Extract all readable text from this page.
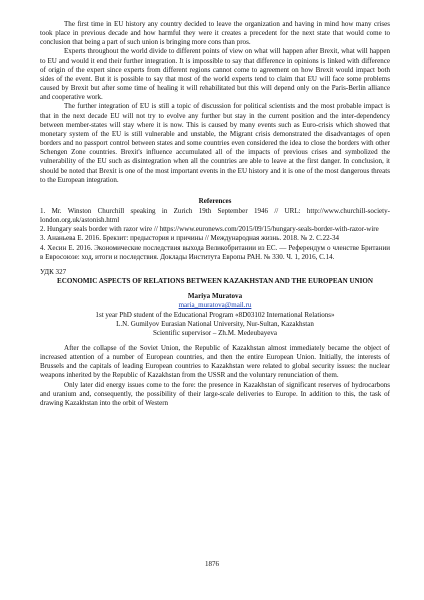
The first time in EU history any country decided to leave the organization and having in mind how many crises took place in previous decade and how harmful they were it creates a precedent for the next state that would come to conclusion that being a part of such union is bringing more cons than pros.

Experts throughout the world divide to different points of view on what will happen after Brexit, what will happen to EU and would it end their further integration. It is impossible to say that difference in opinions is linked with difference of origin of the expert since experts from different regions cannot come to agreement on how Brexit would impact both sides of the event. But it is possible to say that most of the world experts tend to claim that EU will face some problems caused by Brexit but after some time of healing it will rehabilitated but this will depend only on the Paris-Berlin alliance and cooperative work.

The further integration of EU is still a topic of discussion for political scientists and the most probable impact is that in the next decade EU will not try to evolve any further but stay in the current position and the inter-dependency between member-states will stay where it is now. This is caused by many events such as Euro-crisis which showed that monetary system of the EU is still vulnerable and unstable, the Migrant crisis demonstrated the disadvantages of open borders and no passport control between states and some countries even considered the idea to close the borders with other Schengen Zone countries. Brexit's influence accumulated all of the impacts of previous crises and symbolized the vulnerability of the EU such as disintegration when all the countries are able to leave at the first danger. In conclusion, it should be noted that Brexit is one of the most important events in the EU history and it is one of the most dangerous threats to the European integration.

References

1. Mr. Winston Churchill speaking in Zurich 19th September 1946 // URL: http://www.churchill-society-london.org.uk/astonish.html

2. Hungary seals border with razor wire // https://www.euronews.com/2015/09/15/hungary-seals-border-with-razor-wire

3. Ананьева Е. 2016. Брекзит: предыстория и причины // Международная жизнь. 2018. № 2. С.22-34

4. Хесин Е. 2016. Экономические последствия выхода Великобритании из ЕС. — Референдум о членстве Британии в Евросоюзе: ход, итоги и последствия. Доклады Института Европы РАН. № 330. Ч. 1, 2016, С.14.

УДК 327

ECONOMIC ASPECTS OF RELATIONS BETWEEN KAZAKHSTAN AND THE EUROPEAN UNION

Mariya Muratova

maria_muratova@mail.ru

1st year PhD student of the Educational Program «8D03102 International Relations»

L.N. Gumilyov Eurasian National University, Nur-Sultan, Kazakhstan

Scientific supervisor – Zh.M. Medeubayeva

After the collapse of the Soviet Union, the Republic of Kazakhstan almost immediately became the object of increased attention of a number of European countries, and then the entire European Union. Initially, the interests of Brussels and the capitals of leading European countries to Kazakhstan were related to global security issues: the nuclear weapons inherited by the Republic of Kazakhstan from the USSR and the voluntary renunciation of them.

Only later did energy issues come to the fore: the presence in Kazakhstan of significant reserves of hydrocarbons and uranium and, consequently, the possibility of their large-scale deliveries to Europe. In addition to this, the task of drawing Kazakhstan into the orbit of Western

1876
